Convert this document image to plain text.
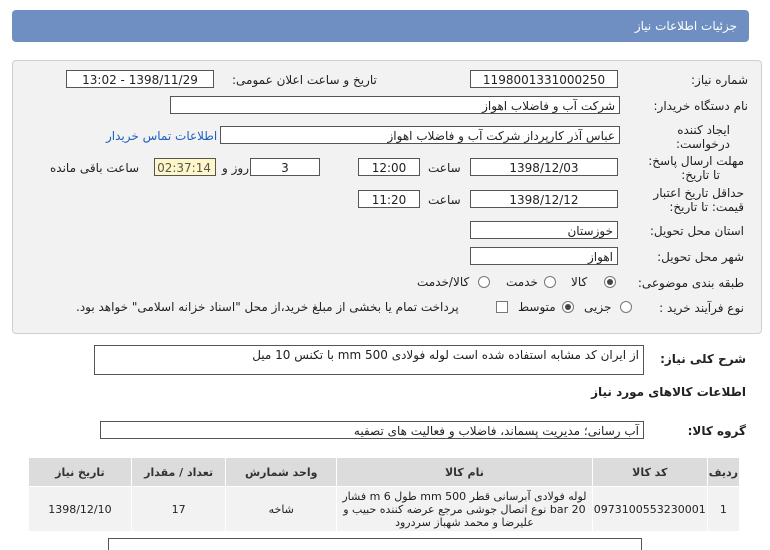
جزئیات اطلاعات نیاز
شماره نیاز:
1198001331000250
تاریخ و ساعت اعلان عمومی:
1398/11/29 - 13:02
نام دستگاه خریدار:
شرکت آب و فاضلاب اهواز
ایجاد کننده
درخواست:
عباس آذر کارپرداز شرکت آب و فاضلاب اهواز
اطلاعات تماس خریدار
مهلت ارسال پاسخ:
تا تاریخ:
1398/12/03
ساعت
12:00
3
روز و
02:37:14
ساعت باقی مانده
حداقل تاریخ اعتبار
قیمت: تا تاریخ:
1398/12/12
ساعت
11:20
استان محل تحویل:
خوزستان
شهر محل تحویل:
اهواز
طبقه بندی موضوعی:
کالا
خدمت
کالا/خدمت
نوع فرآیند خرید :
جزیی
متوسط
پرداخت تمام یا بخشی از مبلغ خرید،از محل "اسناد خزانه اسلامی" خواهد بود.
شرح کلی نیاز:
از ایران کد مشابه استفاده شده است لوله فولادی mm 500 با تکنس 10 میل
اطلاعات کالاهای مورد نیاز
گروه کالا:
آب رسانی؛ مدیریت پسماند، فاضلاب و فعالیت های تصفیه
ردیف	کد کالا	نام کالا	واحد شمارش	تعداد / مقدار	تاریخ نیاز
1	0973100553230001	لوله فولادی آبرسانی قطر mm 500 طول m 6 فشار bar 20 نوع اتصال جوشی مرجع عرضه کننده حبیب و علیرضا و محمد شهباز سردرود	شاخه	17	1398/12/10
